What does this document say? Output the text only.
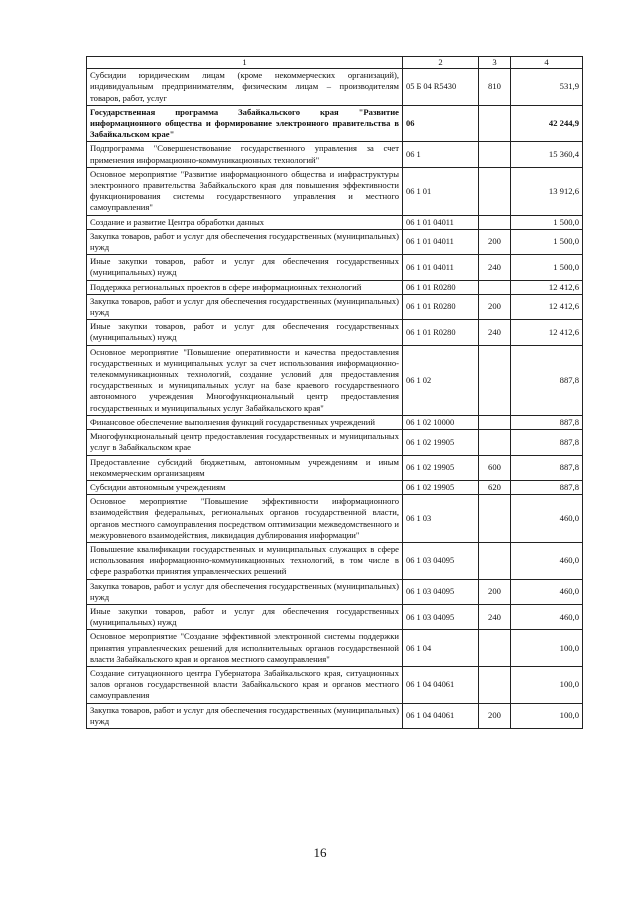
1	2	3	4
Субсидии юридическим лицам (кроме некоммерческих организаций), индивидуальным предпринимателям, физическим лицам – производителям товаров, работ, услуг	05 Б 04 R5430	810	531,9
Государственная программа Забайкальского края "Развитие информационного общества и формирование электронного правительства в Забайкальском крае"	06		42 244,9
Подпрограмма "Совершенствование государственного управления за счет применения информационно-коммуникационных технологий"	06 1		15 360,4
Основное мероприятие "Развитие информационного общества и инфраструктуры электронного правительства Забайкальского края для повышения эффективности функционирования системы государственного управления и местного самоуправления"	06 1 01		13 912,6
Создание и развитие Центра обработки данных	06 1 01 04011		1 500,0
Закупка товаров, работ и услуг для обеспечения государственных (муниципальных) нужд	06 1 01 04011	200	1 500,0
Иные закупки товаров, работ и услуг для обеспечения государственных (муниципальных) нужд	06 1 01 04011	240	1 500,0
Поддержка региональных проектов в сфере информационных технологий	06 1 01 R0280		12 412,6
Закупка товаров, работ и услуг для обеспечения государственных (муниципальных) нужд	06 1 01 R0280	200	12 412,6
Иные закупки товаров, работ и услуг для обеспечения государственных (муниципальных) нужд	06 1 01 R0280	240	12 412,6
Основное мероприятие "Повышение оперативности и качества предоставления государственных и муниципальных услуг за счет использования информационно-телекоммуникационных технологий, создание условий для предоставления государственных и муниципальных услуг на базе краевого государственного автономного учреждения Многофункциональный центр предоставления государственных и муниципальных услуг Забайкальского края"	06 1 02		887,8
Финансовое обеспечение выполнения функций государственных учреждений	06 1 02 10000		887,8
Многофункциональный центр предоставления государственных и муниципальных услуг в Забайкальском крае	06 1 02 19905		887,8
Предоставление субсидий бюджетным, автономным учреждениям и иным некоммерческим организациям	06 1 02 19905	600	887,8
Субсидии автономным учреждениям	06 1 02 19905	620	887,8
Основное мероприятие "Повышение эффективности информационного взаимодействия федеральных, региональных органов государственной власти, органов местного самоуправления посредством оптимизации межведомственного и межуровневого взаимодействия, ликвидация дублирования информации"	06 1 03		460,0
Повышение квалификации государственных и муниципальных служащих в сфере использования информационно-коммуникационных технологий, в том числе в сфере разработки принятия управленческих решений	06 1 03 04095		460,0
Закупка товаров, работ и услуг для обеспечения государственных (муниципальных) нужд	06 1 03 04095	200	460,0
Иные закупки товаров, работ и услуг для обеспечения государственных (муниципальных) нужд	06 1 03 04095	240	460,0
Основное мероприятие "Создание эффективной электронной системы поддержки принятия управленческих решений для исполнительных органов государственной власти Забайкальского края и органов местного самоуправления"	06 1 04		100,0
Создание ситуационного центра Губернатора Забайкальского края, ситуационных залов органов государственной власти Забайкальского края и органов местного самоуправления	06 1 04 04061		100,0
Закупка товаров, работ и услуг для обеспечения государственных (муниципальных) нужд	06 1 04 04061	200	100,0
16
